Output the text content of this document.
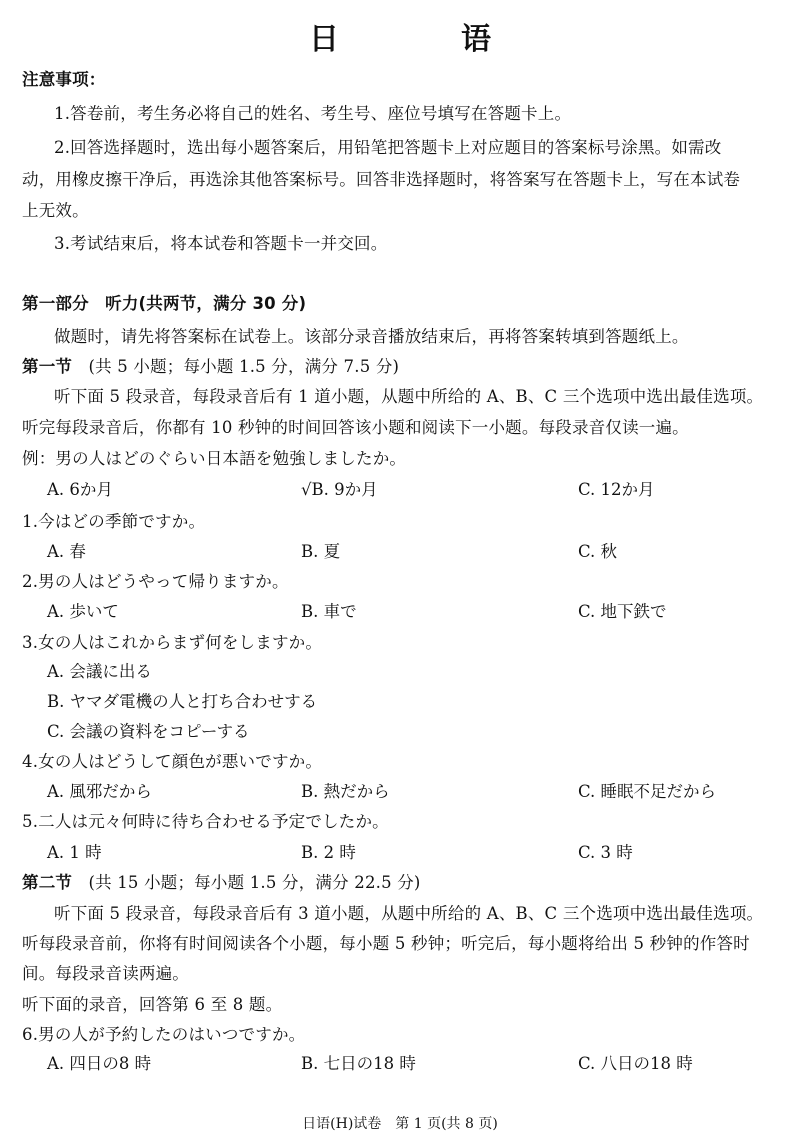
日　语
注意事项：
1.答卷前，考生务必将自己的姓名、考生号、座位号填写在答题卡上。
2.回答选择题时，选出每小题答案后，用铅笔把答题卡上对应题目的答案标号涂黑。如需改
动，用橡皮擦干净后，再选涂其他答案标号。回答非选择题时，将答案写在答题卡上，写在本试卷
上无效。
3.考试结束后，将本试卷和答题卡一并交回。
第一部分 听力(共两节，满分 30 分)
做题时，请先将答案标在试卷上。该部分录音播放结束后，再将答案转填到答题纸上。
第一节 (共 5 小题；每小题 1.5 分，满分 7.5 分)
听下面 5 段录音，每段录音后有 1 道小题，从题中所给的 A、B、C 三个选项中选出最佳选项。
听完每段录音后，你都有 10 秒钟的时间回答该小题和阅读下一小题。每段录音仅读一遍。
例：男の人はどのぐらい日本語を勉強しましたか。
A. 6か月	√B. 9か月	C. 12か月
1.今はどの季節ですか。
A. 春	B. 夏	C. 秋
2.男の人はどうやって帰りますか。
A. 歩いて	B. 車で	C. 地下鉄で
3.女の人はこれからまず何をしますか。
A. 会議に出る
B. ヤマダ電機の人と打ち合わせする
C. 会議の資料をコピーする
4.女の人はどうして顔色が悪いですか。
A. 風邪だから	B. 熱だから	C. 睡眠不足だから
5.二人は元々何時に待ち合わせる予定でしたか。
A. 1 時	B. 2 時	C. 3 時
第二节 (共 15 小题；每小题 1.5 分，满分 22.5 分)
听下面 5 段录音，每段录音后有 3 道小题，从题中所给的 A、B、C 三个选项中选出最佳选项。
听每段录音前，你将有时间阅读各个小题，每小题 5 秒钟；听完后，每小题将给出 5 秒钟的作答时
间。每段录音读两遍。
听下面的录音，回答第 6 至 8 题。
6.男の人が予約したのはいつですか。
A. 四日の8 時	B. 七日の18 時	C. 八日の18 時
日语(H)试卷　第 1 页(共 8 页)
